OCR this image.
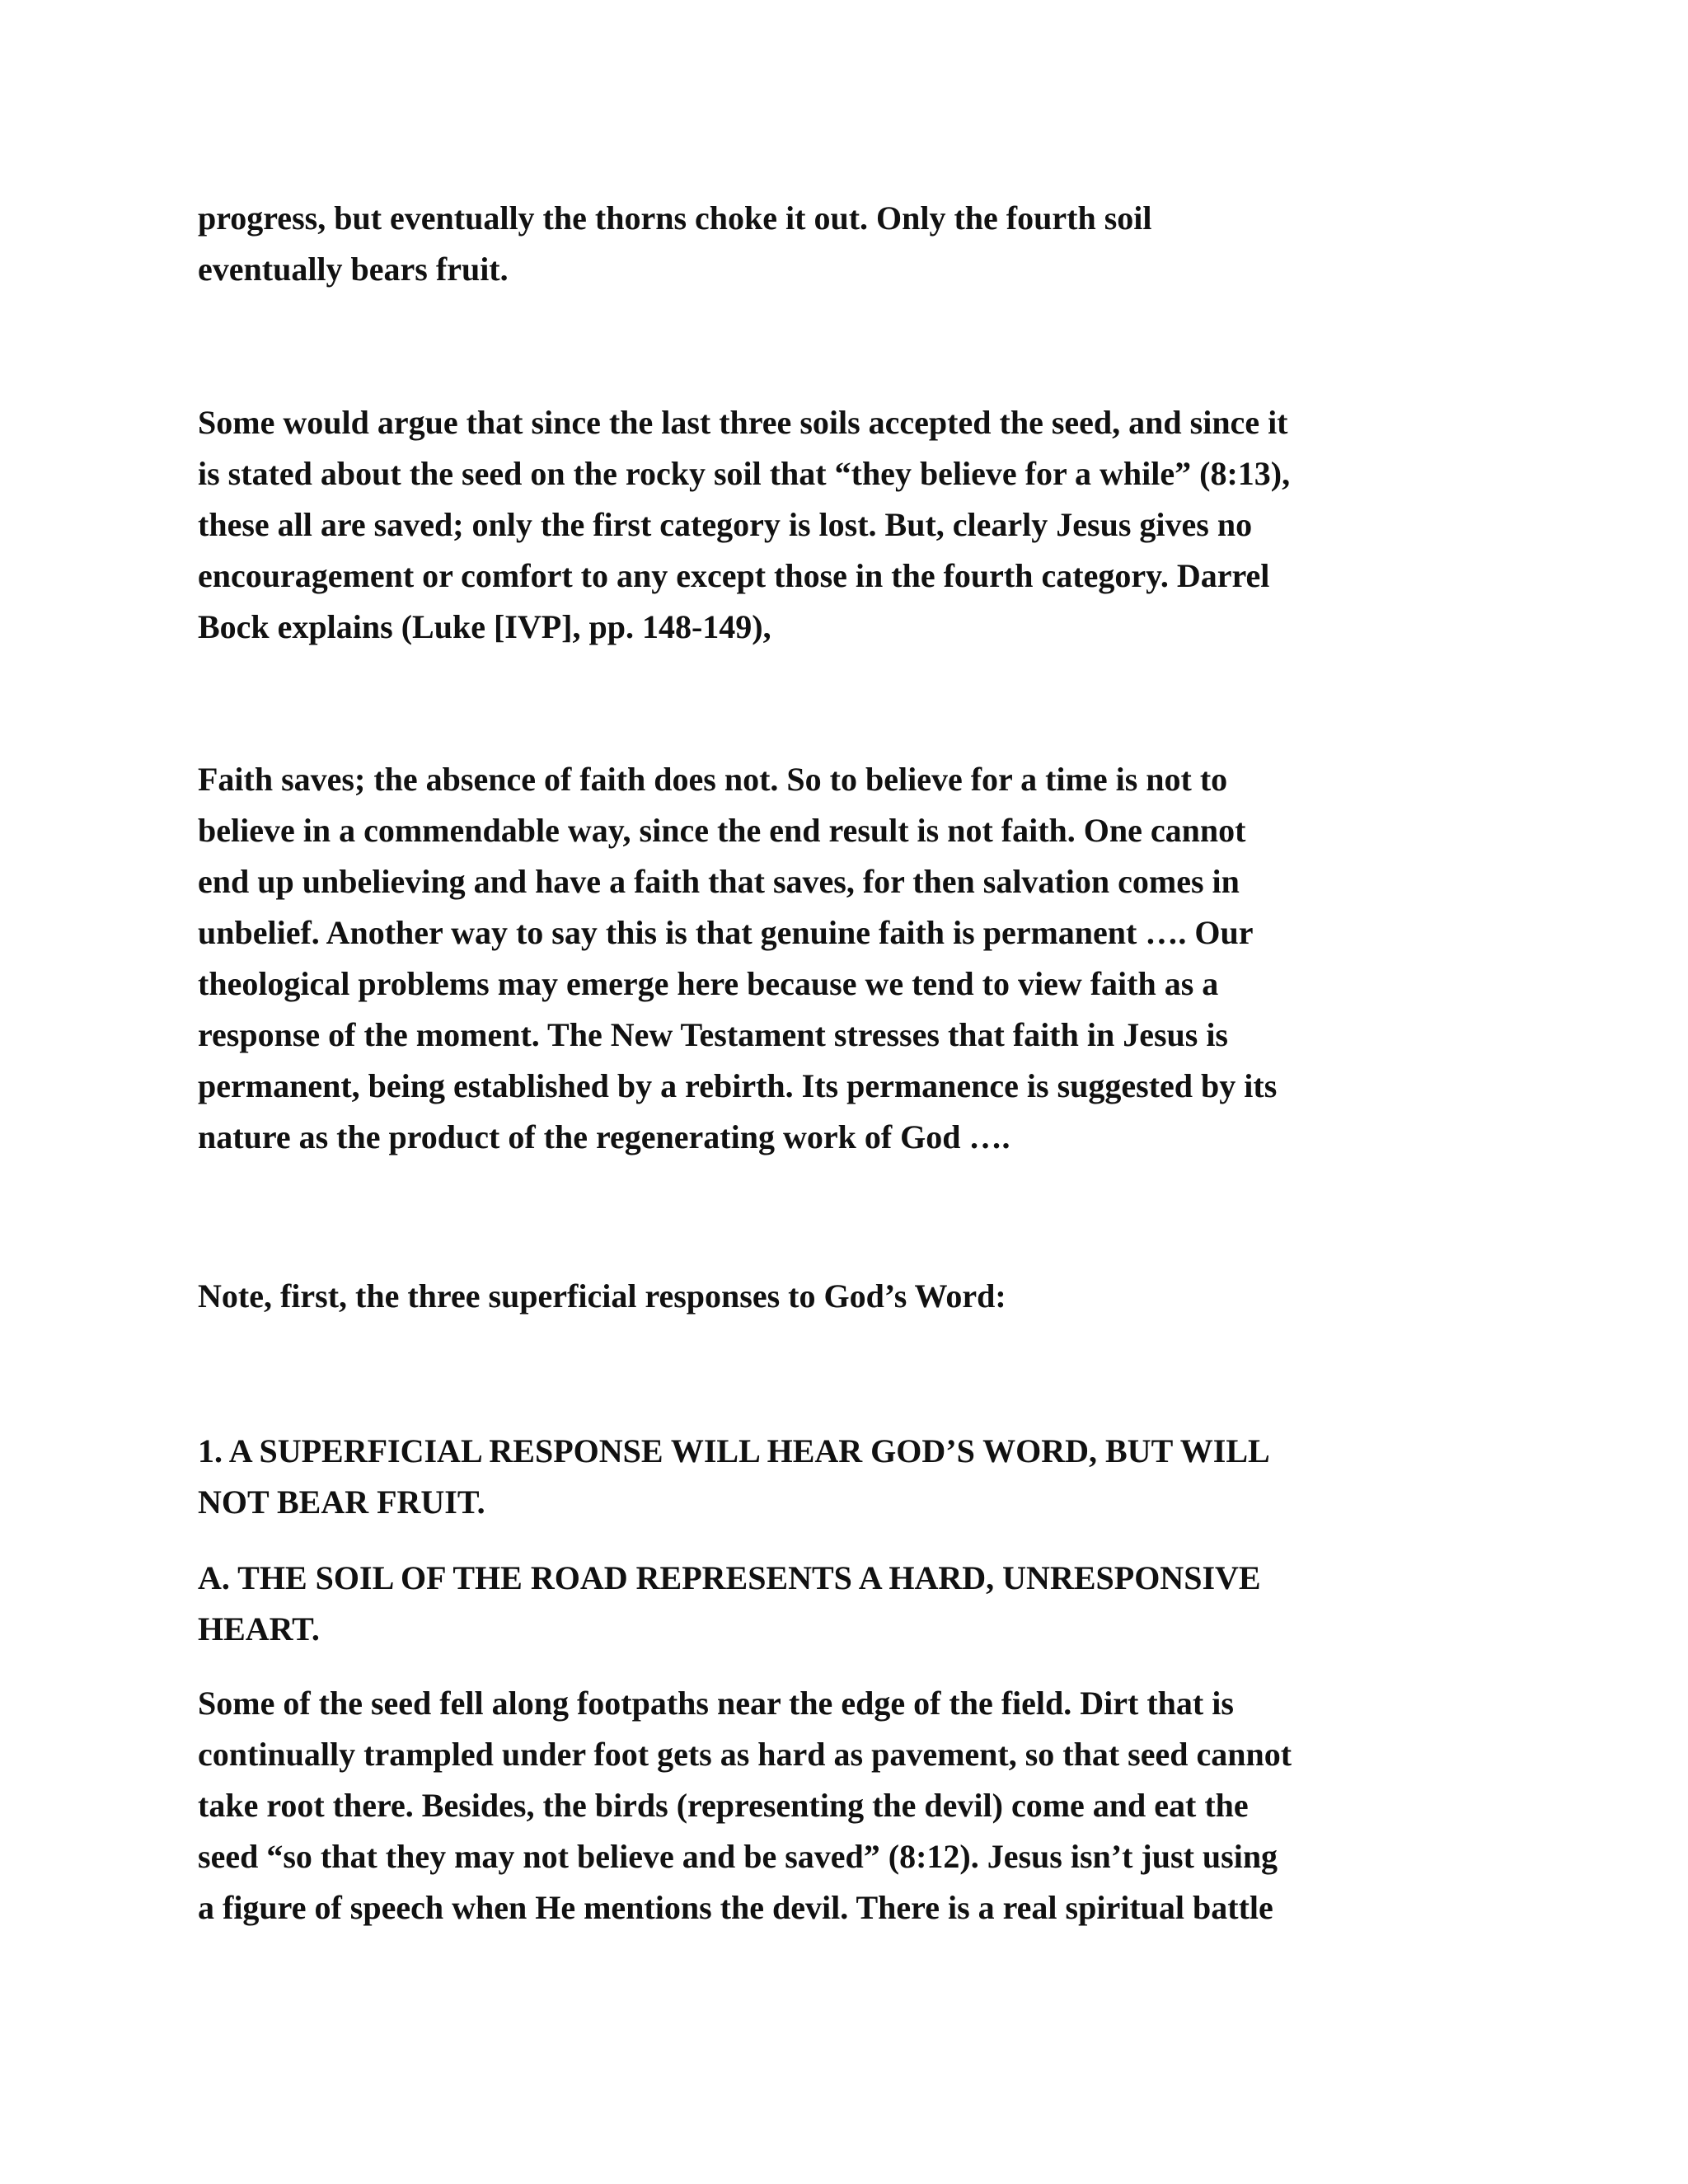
progress, but eventually the thorns choke it out. Only the fourth soil
eventually bears fruit.

Some would argue that since the last three soils accepted the seed, and since it
is stated about the seed on the rocky soil that “they believe for a while” (8:13),
these all are saved; only the first category is lost. But, clearly Jesus gives no
encouragement or comfort to any except those in the fourth category. Darrel
Bock explains (Luke [IVP], pp. 148-149),

Faith saves; the absence of faith does not. So to believe for a time is not to
believe in a commendable way, since the end result is not faith. One cannot
end up unbelieving and have a faith that saves, for then salvation comes in
unbelief. Another way to say this is that genuine faith is permanent …. Our
theological problems may emerge here because we tend to view faith as a
response of the moment. The New Testament stresses that faith in Jesus is
permanent, being established by a rebirth. Its permanence is suggested by its
nature as the product of the regenerating work of God ….

Note, first, the three superficial responses to God’s Word:

1. A SUPERFICIAL RESPONSE WILL HEAR GOD’S WORD, BUT WILL
NOT BEAR FRUIT.

A. THE SOIL OF THE ROAD REPRESENTS A HARD, UNRESPONSIVE
HEART.

Some of the seed fell along footpaths near the edge of the field. Dirt that is
continually trampled under foot gets as hard as pavement, so that seed cannot
take root there. Besides, the birds (representing the devil) come and eat the
seed “so that they may not believe and be saved” (8:12). Jesus isn’t just using
a figure of speech when He mentions the devil. There is a real spiritual battle
